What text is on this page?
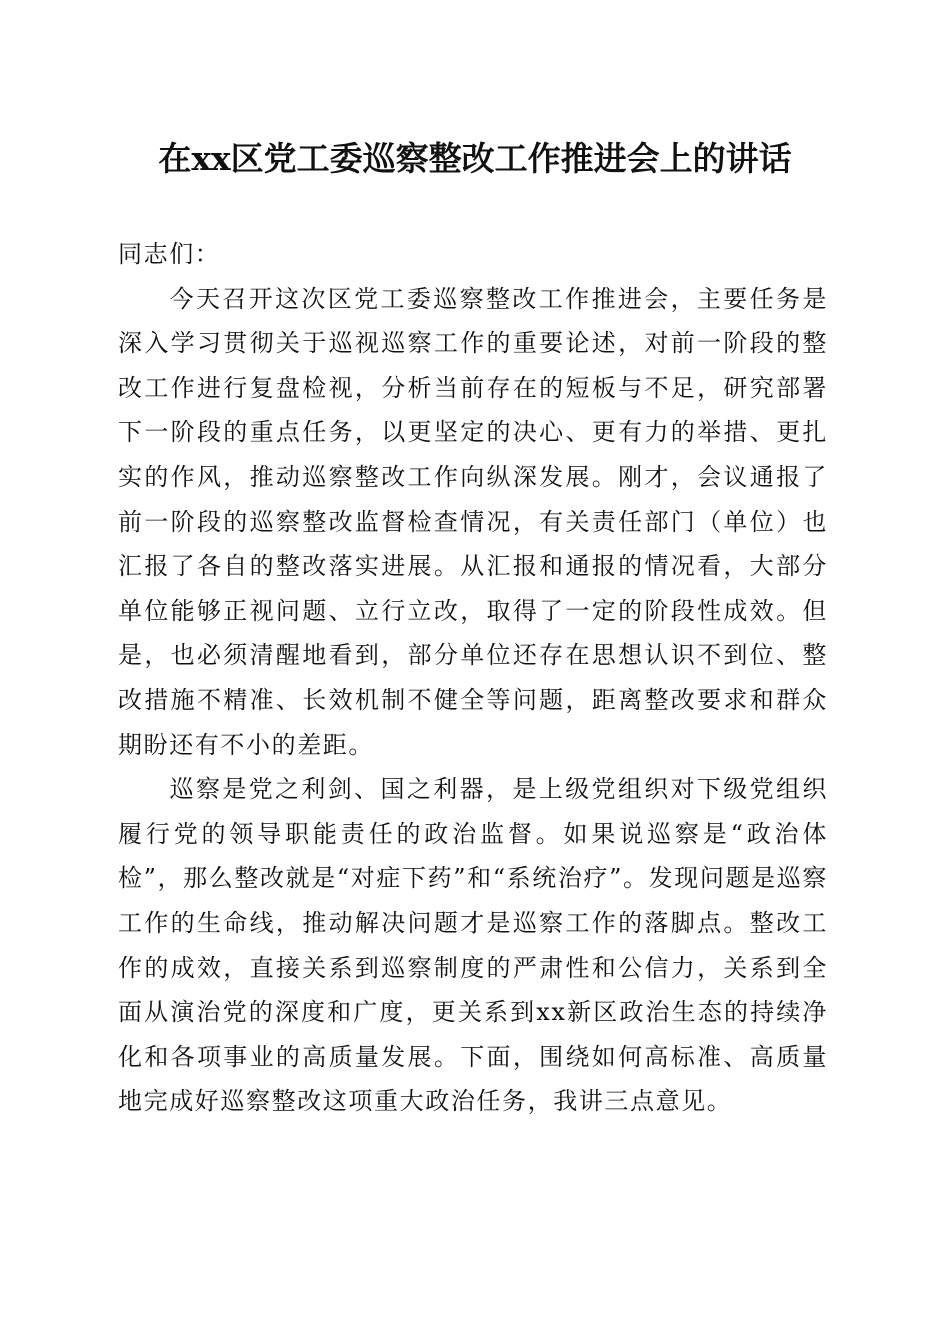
在xx区党工委巡察整改工作推进会上的讲话

同志们：

今天召开这次区党工委巡察整改工作推进会，主要任务是深入学习贯彻关于巡视巡察工作的重要论述，对前一阶段的整改工作进行复盘检视，分析当前存在的短板与不足，研究部署下一阶段的重点任务，以更坚定的决心、更有力的举措、更扎实的作风，推动巡察整改工作向纵深发展。刚才，会议通报了前一阶段的巡察整改监督检查情况，有关责任部门（单位）也汇报了各自的整改落实进展。从汇报和通报的情况看，大部分单位能够正视问题、立行立改，取得了一定的阶段性成效。但是，也必须清醒地看到，部分单位还存在思想认识不到位、整改措施不精准、长效机制不健全等问题，距离整改要求和群众期盼还有不小的差距。

巡察是党之利剑、国之利器，是上级党组织对下级党组织履行党的领导职能责任的政治监督。如果说巡察是“政治体检”，那么整改就是“对症下药”和“系统治疗”。发现问题是巡察工作的生命线，推动解决问题才是巡察工作的落脚点。整改工作的成效，直接关系到巡察制度的严肃性和公信力，关系到全面从演治党的深度和广度，更关系到xx新区政治生态的持续净化和各项事业的高质量发展。下面，围绕如何高标准、高质量地完成好巡察整改这项重大政治任务，我讲三点意见。
